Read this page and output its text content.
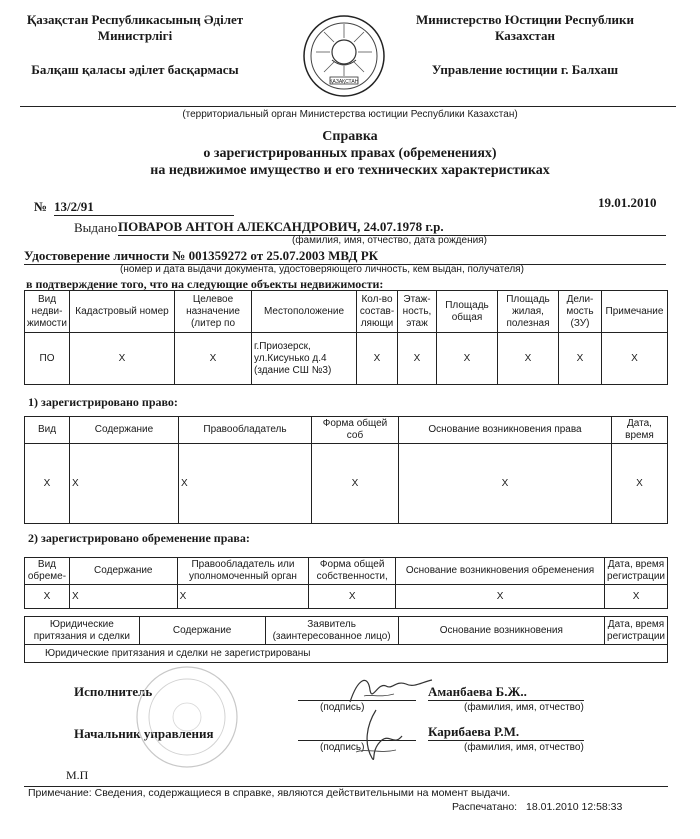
Қазақстан Республикасының Әділет
Министрлігі
Балқаш қаласы әділет басқармасы
Министерство Юстиции Республики
Казахстан
Управление юстиции г. Балхаш
ҚАЗАҚСТАН
(территориальный орган Министерства юстиции Республики Казахстан)
Справка
о зарегистрированных правах (обременениях)
на недвижимое имущество и его технических характеристиках
№ 13/2/91	19.01.2010
Выдано ПОВАРОВ АНТОН АЛЕКСАНДРОВИЧ, 24.07.1978 г.р.
(фамилия, имя, отчество, дата рождения)
Удостоверение личности № 001359272 от 25.07.2003 МВД РК
(номер и дата выдачи документа, удостоверяющего личность, кем выдан, получателя)
в подтверждение того, что на следующие объекты недвижимости:
Вид недви-жимости	Кадастровый номер	Целевое назначение (литер по	Местоположение	Кол-во состав-ляющи	Этаж-ность, этаж	Площадь общая	Площадь жилая, полезная	Дели-мость (ЗУ)	Примечание
ПО	X	X	г.Приозерск, ул.Кисунько д.4 (здание СШ №3)	X	X	X	X	X	X
1) зарегистрировано право:
Вид	Содержание	Правообладатель	Форма общей соб	Основание возникновения права	Дата, время
X	X	X	X	X	X
2) зарегистрировано обременение права:
Вид обреме-	Содержание	Правообладатель или уполномоченный орган	Форма общей собственности,	Основание возникновения обременения	Дата, время регистрации
X	X	X	X	X	X
Юридические притязания и сделки	Содержание	Заявитель (заинтересованное лицо)	Основание возникновения	Дата, время регистрации
Юридические притязания и сделки не зарегистрированы
Исполнитель
(подпись)
Аманбаева Б.Ж..
(фамилия, имя, отчество)
Начальник управления
(подпись)
Карибаева Р.М.
(фамилия, имя, отчество)
М.П
Примечание: Сведения, содержащиеся в справке, являются действительными на момент выдачи.
Распечатано: 18.01.2010 12:58:33
